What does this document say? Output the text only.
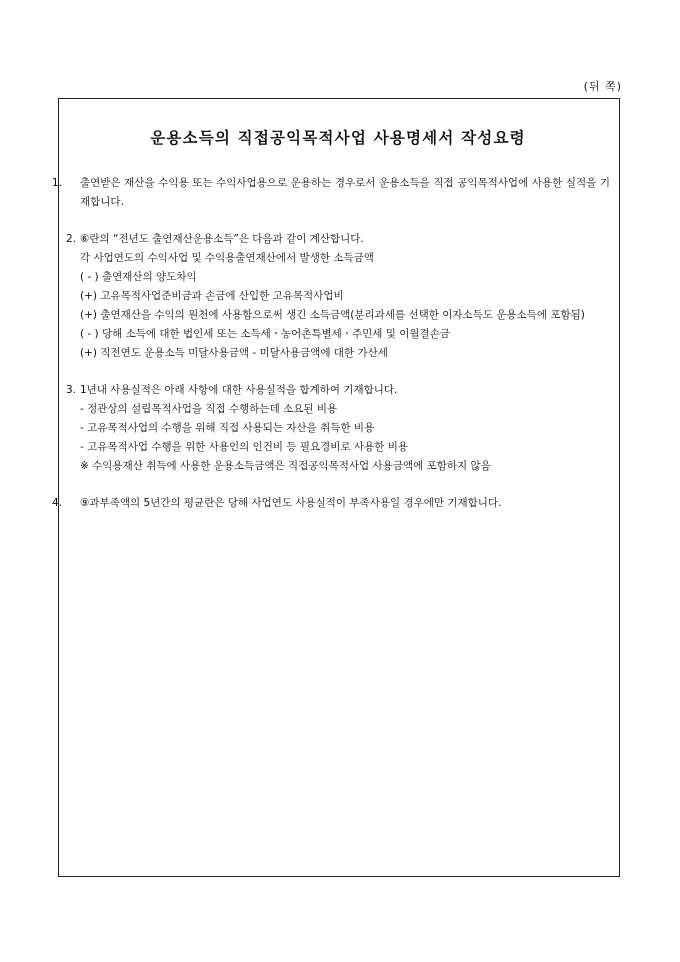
(뒤 쪽)
운용소득의 직접공익목적사업 사용명세서 작성요령
1. 출연받은 재산을 수익용 또는 수익사업용으로 운용하는 경우로서 운용소득을 직접 공익목적사업에 사용한 실적을 기재합니다.
2. ⑥란의 “전년도 출연재산운용소득”은 다음과 같이 계산합니다.
각 사업연도의 수익사업 및 수익용출연재산에서 발생한 소득금액
( - ) 출연재산의 양도차익
(+) 고유목적사업준비금과 손금에 산입한 고유목적사업비
(+) 출연재산을 수익의 원천에 사용함으로써 생긴 소득금액(분리과세를 선택한 이자소득도 운용소득에 포함됨)
( - ) 당해 소득에 대한 법인세 또는 소득세ㆍ농어촌특별세ㆍ주민세 및 이월결손금
(+) 직전연도 운용소득 미달사용금액 - 미달사용금액에 대한 가산세
3. 1년내 사용실적은 아래 사항에 대한 사용실적을 합계하여 기재합니다.
- 정관상의 설립목적사업을 직접 수행하는데 소요된 비용
- 고유목적사업의 수행을 위해 직접 사용되는 자산을 취득한 비용
- 고유목적사업 수행을 위한 사용인의 인건비 등 필요경비로 사용한 비용
※ 수익용재산 취득에 사용한 운용소득금액은 직접공익목적사업 사용금액에 포함하지 않음
4. ⑨과부족액의 5년간의 평균란은 당해 사업연도 사용실적이 부족사용일 경우에만 기재합니다.
